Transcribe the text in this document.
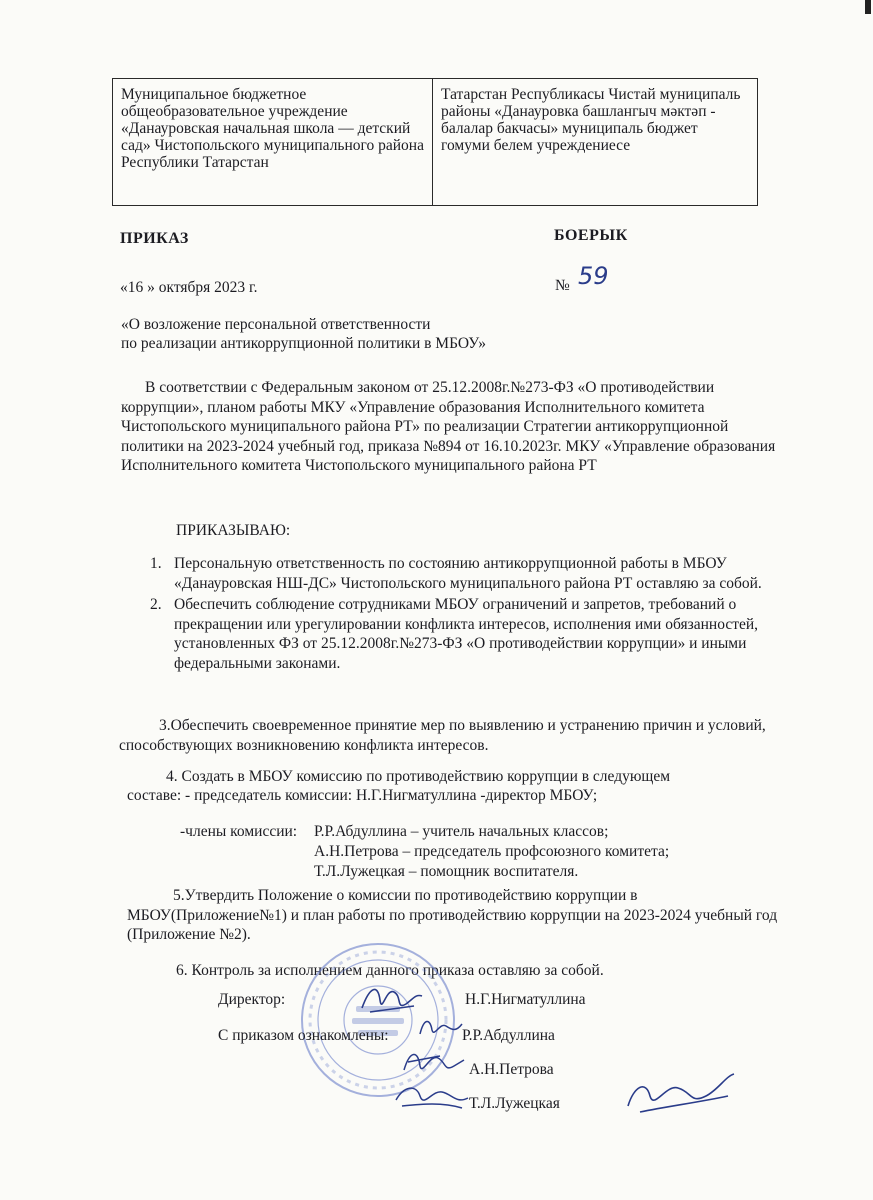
Муниципальное бюджетное общеобразовательное учреждение «Данауровская начальная школа — детский сад» Чистопольского муниципального района Республики Татарстан
Татарстан Республикасы Чистай муниципаль районы «Данауровка башлангыч мәктәп - балалар бакчасы» муниципаль бюджет гомуми белем учреждениесе
ПРИКАЗ	БОЕРЫК
«16 » октября 2023 г.	№ 59
«О возложение персональной ответственности
по реализации антикоррупционной политики в МБОУ»
В соответствии с Федеральным законом от 25.12.2008г.№273-ФЗ «О противодействии коррупции», планом работы МКУ «Управление образования Исполнительного комитета Чистопольского муниципального района РТ» по реализации Стратегии антикоррупционной политики на 2023-2024 учебный год, приказа №894 от 16.10.2023г. МКУ «Управление образования Исполнительного комитета Чистопольского муниципального района РТ
ПРИКАЗЫВАЮ:
1. Персональную ответственность по состоянию антикоррупционной работы в МБОУ «Данауровская НШ-ДС» Чистопольского муниципального района РТ оставляю за собой.
2. Обеспечить соблюдение сотрудниками МБОУ ограничений и запретов, требований о прекращении или урегулировании конфликта интересов, исполнения ими обязанностей, установленных ФЗ от 25.12.2008г.№273-ФЗ «О противодействии коррупции» и иными федеральными законами.
3.Обеспечить своевременное принятие мер по выявлению и устранению причин и условий, способствующих возникновению конфликта интересов.
4. Создать в МБОУ комиссию по противодействию коррупции в следующем
составе: - председатель комиссии: Н.Г.Нигматуллина -директор МБОУ;
-члены комиссии: Р.Р.Абдуллина – учитель начальных классов;
А.Н.Петрова – председатель профсоюзного комитета;
Т.Л.Лужецкая – помощник воспитателя.
5.Утвердить Положение о комиссии по противодействию коррупции в МБОУ(Приложение№1) и план работы по противодействию коррупции на 2023-2024 учебный год (Приложение №2).
6. Контроль за исполнением данного приказа оставляю за собой.
Директор:	Н.Г.Нигматуллина
С приказом ознакомлены:	Р.Р.Абдуллина
А.Н.Петрова
Т.Л.Лужецкая
